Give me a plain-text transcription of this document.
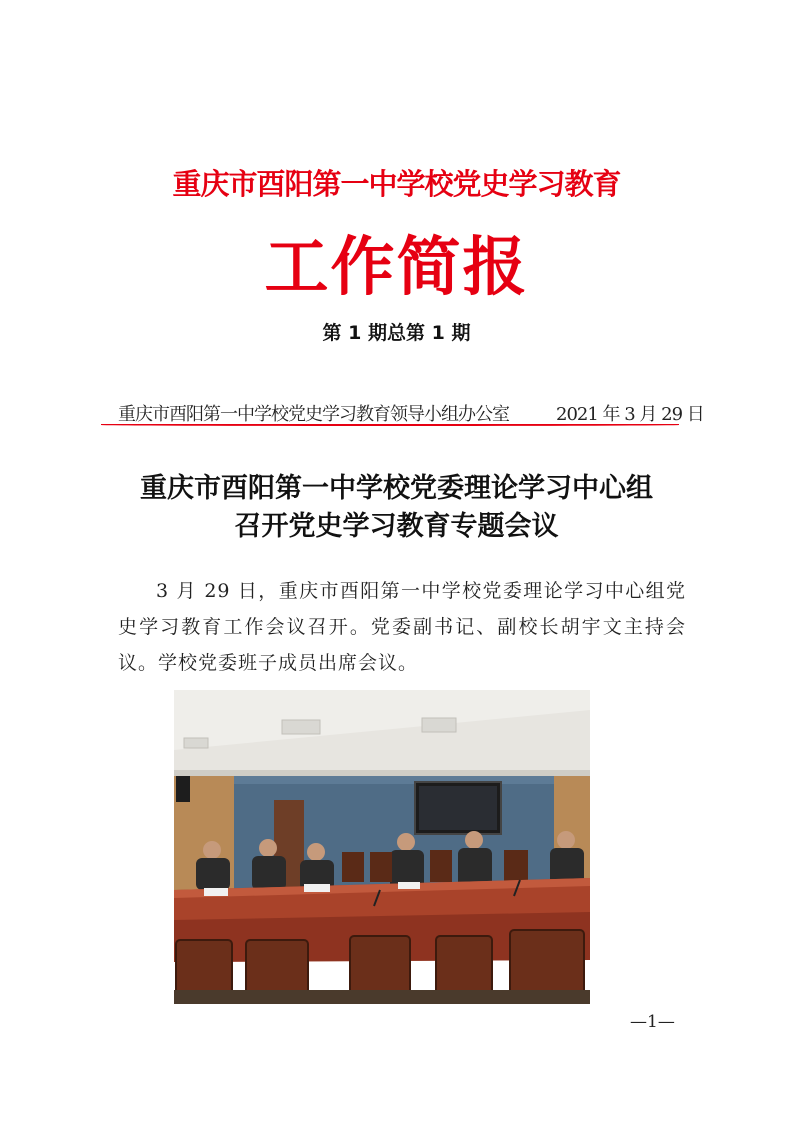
重庆市酉阳第一中学校党史学习教育
工作简报
第 1 期总第 1 期
重庆市酉阳第一中学校党史学习教育领导小组办公室	2021 年 3 月 29 日
重庆市酉阳第一中学校党委理论学习中心组
召开党史学习教育专题会议
3 月 29 日，重庆市酉阳第一中学校党委理论学习中心组党史学习教育工作会议召开。党委副书记、副校长胡宇文主持会议。学校党委班子成员出席会议。
—1—
